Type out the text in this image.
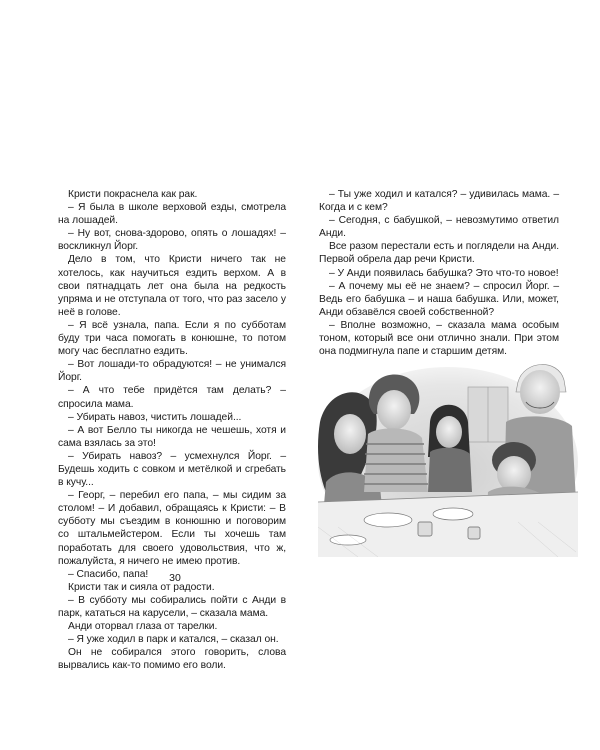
Кристи покраснела как рак.

– Я была в школе верховой езды, смотрела на лошадей.

– Ну вот, снова-здорово, опять о лошадях! – воскликнул Йорг.

Дело в том, что Кристи ничего так не хотелось, как научиться ездить верхом. А в свои пятнадцать лет она была на редкость упряма и не отступала от того, что раз засело у неё в голове.

– Я всё узнала, папа. Если я по субботам буду три часа помогать в конюшне, то потом могу час бесплатно ездить.

– Вот лошади-то обрадуются! – не унимался Йорг.

– А что тебе придётся там делать? – спросила мама.

– Убирать навоз, чистить лошадей...

– А вот Белло ты никогда не чешешь, хотя и сама взялась за это!

– Убирать навоз? – усмехнулся Йорг. – Будешь ходить с совком и метёлкой и сгребать в кучу...

– Георг, – перебил его папа, – мы сидим за столом! – И добавил, обращаясь к Кристи: – В субботу мы съездим в конюшню и поговорим со штальмейстером. Если ты хочешь там поработать для своего удовольствия, что ж, пожалуйста, я ничего не имею против.

– Спасибо, папа!

Кристи так и сияла от радости.

– В субботу мы собирались пойти с Анди в парк, кататься на карусели, – сказала мама.

Анди оторвал глаза от тарелки.

– Я уже ходил в парк и катался, – сказал он.

Он не собирался этого говорить, слова вырвались как-то помимо его воли.

30

– Ты уже ходил и катался? – удивилась мама. – Когда и с кем?

– Сегодня, с бабушкой, – невозмутимо ответил Анди.

Все разом перестали есть и поглядели на Анди. Первой обрела дар речи Кристи.

– У Анди появилась бабушка? Это что-то новое!

– А почему мы её не знаем? – спросил Йорг. – Ведь его бабушка – и наша бабушка. Или, может, Анди обзавёлся своей собственной?

– Вполне возможно, – сказала мама особым тоном, который все они отлично знали. При этом она подмигнула папе и старшим детям.
